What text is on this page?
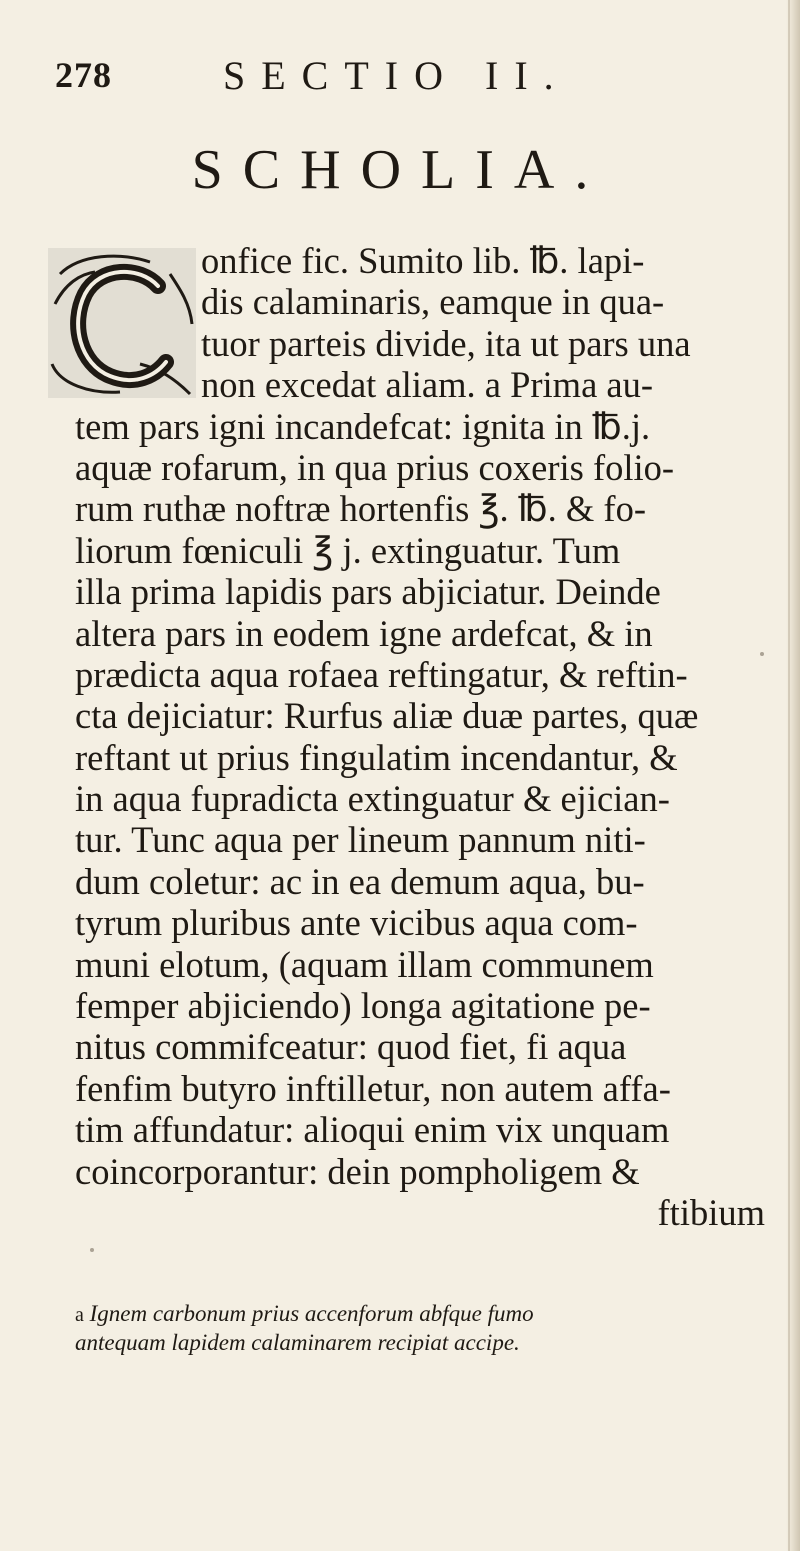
278	SECTIO II.
SCHOLIA.
onfice fic. Sumito lib. ℔. lapi-
dis calaminaris, eamque in qua-
tuor parteis divide, ita ut pars una
non excedat aliam. a Prima au-
tem pars igni incandefcat: ignita in ℔.j.
aquæ rofarum, in qua prius coxeris folio-
rum ruthæ noftræ hortenfis ℥. ℔. & fo-
liorum fœniculi ℥ j. extinguatur. Tum
illa prima lapidis pars abjiciatur. Deinde
altera pars in eodem igne ardefcat, & in
prædicta aqua rofaea reftingatur, & reftin-
cta dejiciatur: Rurfus aliæ duæ partes, quæ
reftant ut prius fingulatim incendantur, &
in aqua fupradicta extinguatur & ejician-
tur. Tunc aqua per lineum pannum niti-
dum coletur: ac in ea demum aqua, bu-
tyrum pluribus ante vicibus aqua com-
muni elotum, (aquam illam communem
femper abjiciendo) longa agitatione pe-
nitus commifceatur: quod fiet, fi aqua
fenfim butyro inftilletur, non autem affa-
tim affundatur: alioqui enim vix unquam
coincorporantur: dein pompholigem &
ftibium
a Ignem carbonum prius accenforum abfque fumo
antequam lapidem calaminarem recipiat accipe.
